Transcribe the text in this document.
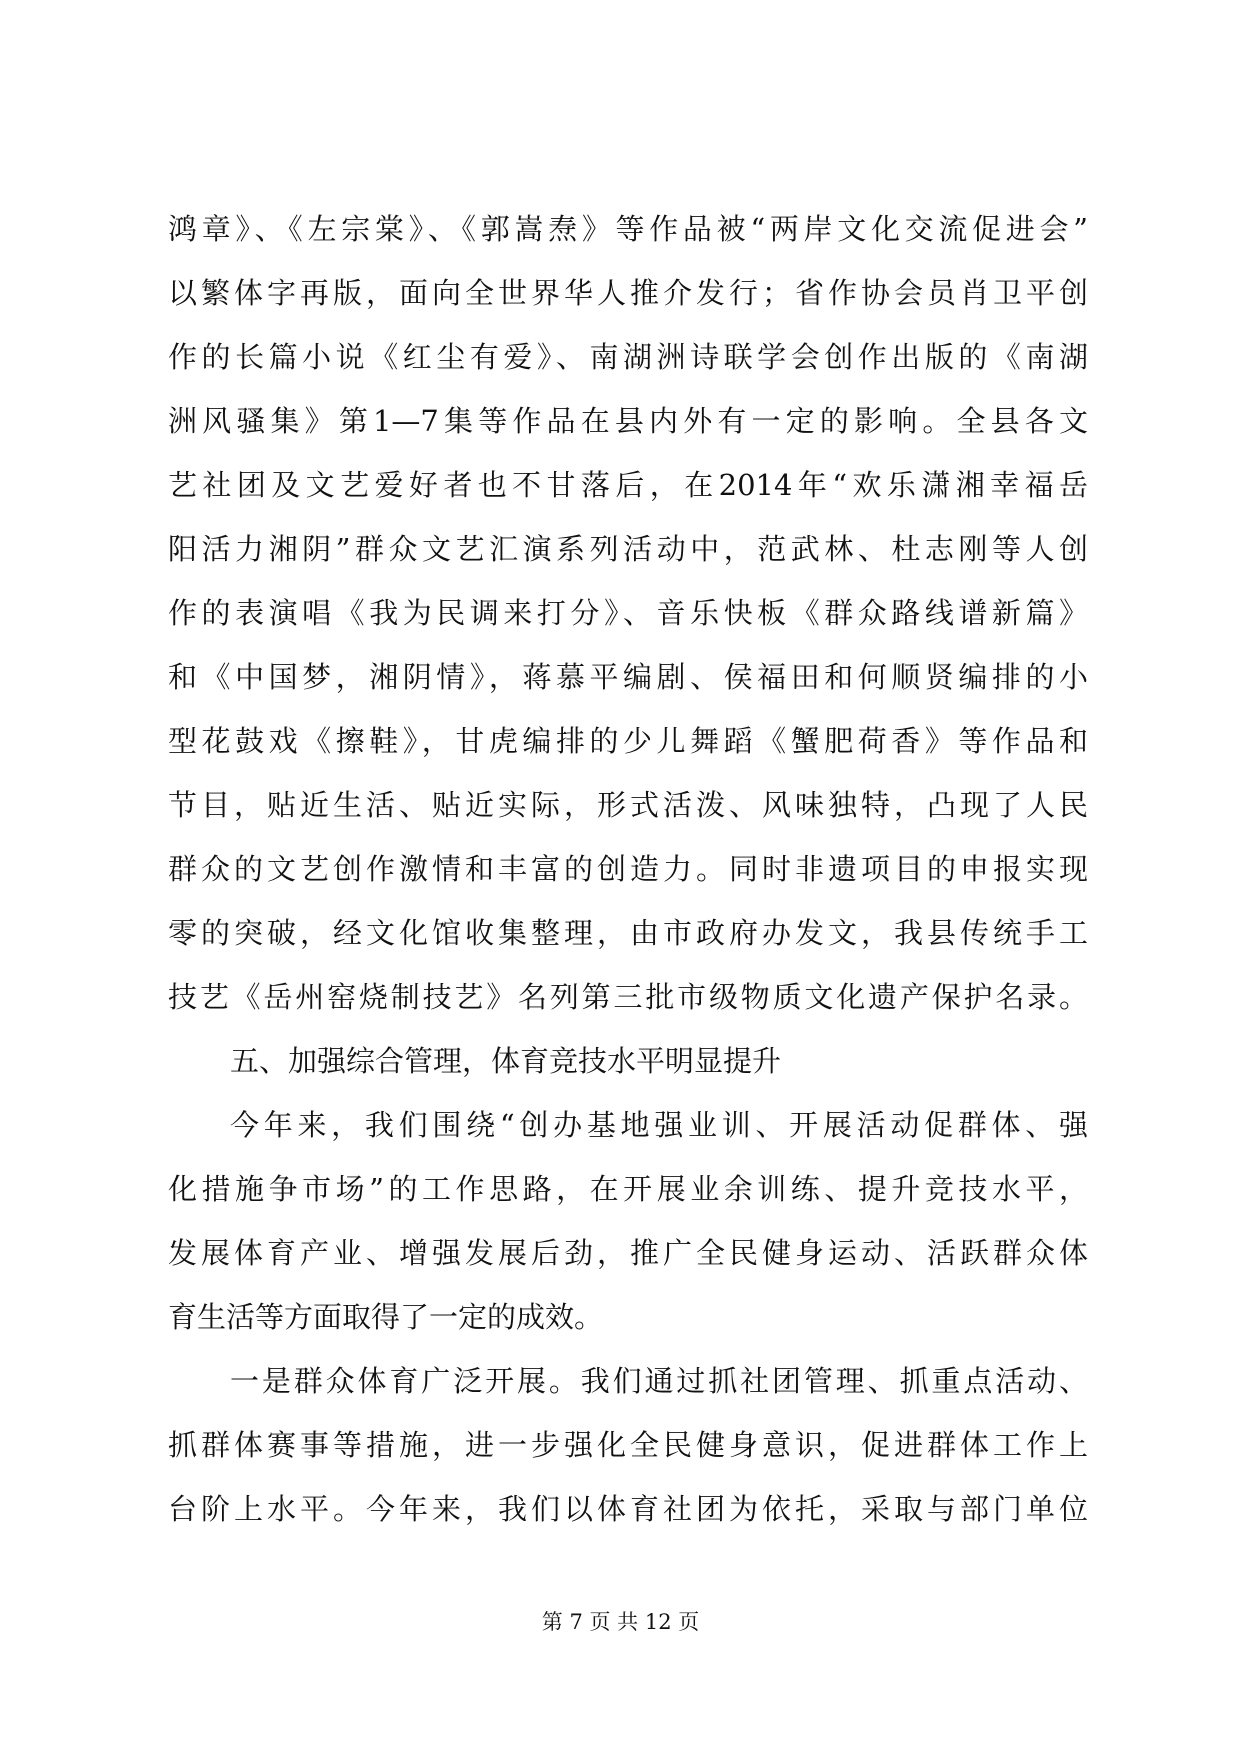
鸿章》、《左宗棠》、《郭嵩焘》等作品被“两岸文化交流促进会”
以繁体字再版，面向全世界华人推介发行；省作协会员肖卫平创
作的长篇小说《红尘有爱》、南湖洲诗联学会创作出版的《南湖
洲风骚集》第1—7集等作品在县内外有一定的影响。全县各文
艺社团及文艺爱好者也不甘落后，在2014年“欢乐潇湘幸福岳
阳活力湘阴”群众文艺汇演系列活动中，范武林、杜志刚等人创
作的表演唱《我为民调来打分》、音乐快板《群众路线谱新篇》
和《中国梦，湘阴情》，蒋慕平编剧、侯福田和何顺贤编排的小
型花鼓戏《擦鞋》，甘虎编排的少儿舞蹈《蟹肥荷香》等作品和
节目，贴近生活、贴近实际，形式活泼、风味独特，凸现了人民
群众的文艺创作激情和丰富的创造力。同时非遗项目的申报实现
零的突破，经文化馆收集整理，由市政府办发文，我县传统手工
技艺《岳州窑烧制技艺》名列第三批市级物质文化遗产保护名录。
五、加强综合管理，体育竞技水平明显提升
今年来，我们围绕“创办基地强业训、开展活动促群体、强
化措施争市场”的工作思路，在开展业余训练、提升竞技水平，
发展体育产业、增强发展后劲，推广全民健身运动、活跃群众体
育生活等方面取得了一定的成效。
一是群众体育广泛开展。我们通过抓社团管理、抓重点活动、
抓群体赛事等措施，进一步强化全民健身意识，促进群体工作上
台阶上水平。今年来，我们以体育社团为依托，采取与部门单位
第 7 页 共 12 页
